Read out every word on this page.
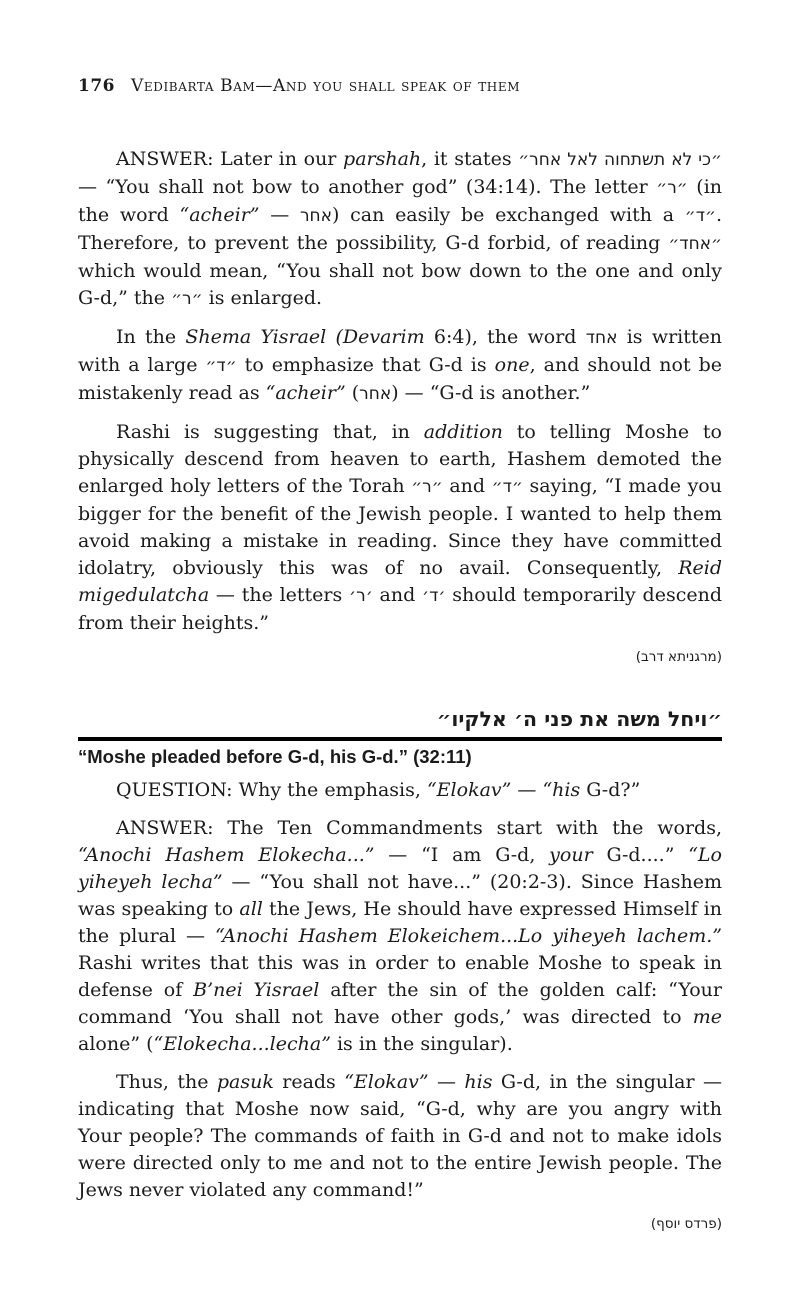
176 Vedibarta Bam—And you shall speak of them

ANSWER: Later in our parshah, it states ״כי לא תשתחוה לאל אחר״ — “You shall not bow to another god” (34:14). The letter ״ר״ (in the word “acheir” — אחר) can easily be exchanged with a ״ד״. Therefore, to prevent the possibility, G-d forbid, of reading ״אחד״ which would mean, “You shall not bow down to the one and only G-d,” the ״ר״ is enlarged.

In the Shema Yisrael (Devarim 6:4), the word אחד is written with a large ״ד״ to emphasize that G-d is one, and should not be mistakenly read as “acheir” (אחר) — “G-d is another.”

Rashi is suggesting that, in addition to telling Moshe to physically descend from heaven to earth, Hashem demoted the enlarged holy letters of the Torah ״ר״ and ״ד״ saying, “I made you bigger for the benefit of the Jewish people. I wanted to help them avoid making a mistake in reading. Since they have committed idolatry, obviously this was of no avail. Consequently, Reid migedulatcha — the letters ׳ר׳ and ׳ד׳ should temporarily descend from their heights.”

(מרגניתא דרב)

״ויחל משה את פני ה׳ אלקיו״
“Moshe pleaded before G-d, his G-d.” (32:11)

QUESTION: Why the emphasis, “Elokav” — “his G-d?”

ANSWER: The Ten Commandments start with the words, “Anochi Hashem Elokecha...” — “I am G-d, your G-d....” “Lo yiheyeh lecha” — “You shall not have...” (20:2-3). Since Hashem was speaking to all the Jews, He should have expressed Himself in the plural — “Anochi Hashem Elokeichem...Lo yiheyeh lachem.” Rashi writes that this was in order to enable Moshe to speak in defense of B’nei Yisrael after the sin of the golden calf: “Your command ‘You shall not have other gods,’ was directed to me alone” (“Elokecha...lecha” is in the singular).

Thus, the pasuk reads “Elokav” — his G-d, in the singular — indicating that Moshe now said, “G-d, why are you angry with Your people? The commands of faith in G-d and not to make idols were directed only to me and not to the entire Jewish people. The Jews never violated any command!”

(פרדס יוסף)
